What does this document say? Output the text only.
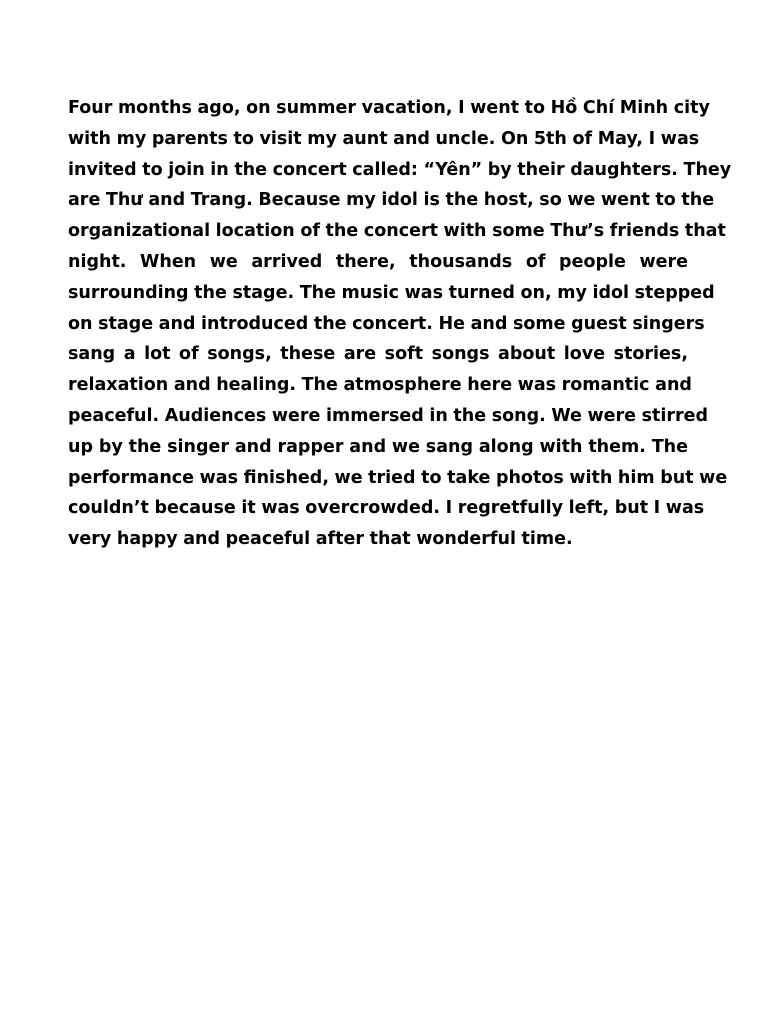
Four months ago, on summer vacation, I went to Hồ Chí Minh city
with my parents to visit my aunt and uncle. On 5th of May, I was
invited to join in the concert called: “Yên” by their daughters. They
are Thư and Trang. Because my idol is the host, so we went to the
organizational location of the concert with some Thư’s friends that
night. When we arrived there, thousands of people were
surrounding the stage. The music was turned on, my idol stepped
on stage and introduced the concert. He and some guest singers
sang a lot of songs, these are soft songs about love stories,
relaxation and healing. The atmosphere here was romantic and
peaceful. Audiences were immersed in the song. We were stirred
up by the singer and rapper and we sang along with them. The
performance was finished, we tried to take photos with him but we
couldn’t because it was overcrowded. I regretfully left, but I was
very happy and peaceful after that wonderful time.
